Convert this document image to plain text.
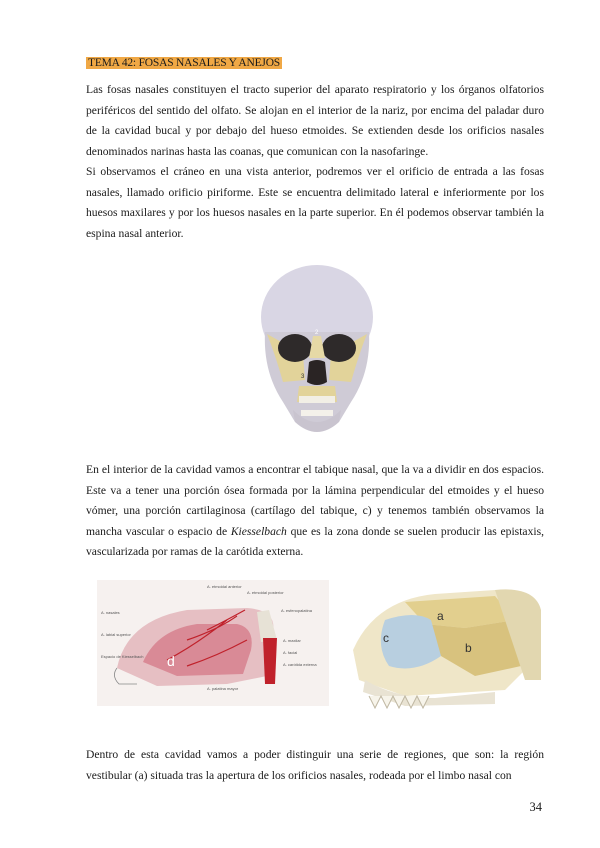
TEMA 42: FOSAS NASALES Y ANEJOS

Las fosas nasales constituyen el tracto superior del aparato respiratorio y los órganos olfatorios periféricos del sentido del olfato. Se alojan en el interior de la nariz, por encima del paladar duro de la cavidad bucal y por debajo del hueso etmoides. Se extienden desde los orificios nasales denominados narinas hasta las coanas, que comunican con la nasofaringe.

Si observamos el cráneo en una vista anterior, podremos ver el orificio de entrada a las fosas nasales, llamado orificio piriforme. Este se encuentra delimitado lateral e inferiormente por los huesos maxilares y por los huesos nasales en la parte superior. En él podemos observar también la espina nasal anterior.

2
3

En el interior de la cavidad vamos a encontrar el tabique nasal, que la va a dividir en dos espacios. Este va a tener una porción ósea formada por la lámina perpendicular del etmoides y el hueso vómer, una porción cartilaginosa (cartílago del tabique, c) y tenemos también observamos la mancha vascular o espacio de Kiesselbach que es la zona donde se suelen producir las epistaxis, vascularizada por ramas de la carótida externa.

d
A. etmoidal anterior
A. etmoidal posterior
A. esfenopalatina
A. nasales
Espacio de Kiesselbach
A. palatina mayor
A. labial superior
A. maxilar
A. facial
A. carótida externa
a
b
c

Dentro de esta cavidad vamos a poder distinguir una serie de regiones, que son: la región vestibular (a) situada tras la apertura de los orificios nasales, rodeada por el limbo nasal con

34
